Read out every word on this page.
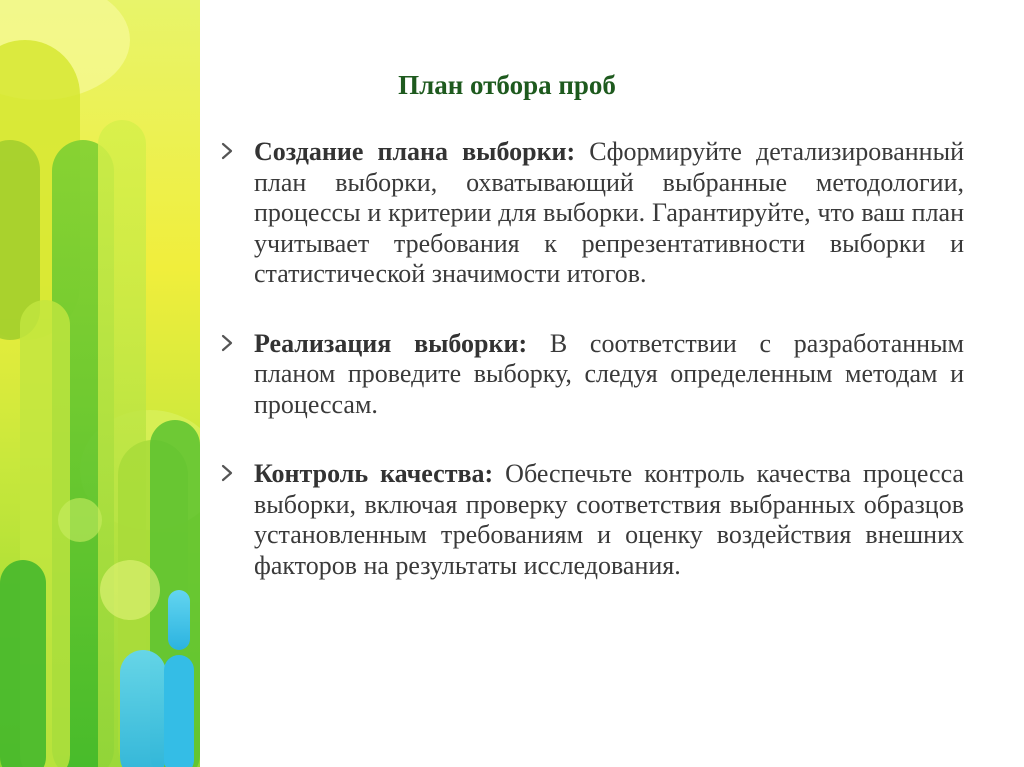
План отбора проб

Создание плана выборки: Сформируйте детализированный план выборки, охватывающий выбранные методологии, процессы и критерии для выборки. Гарантируйте, что ваш план учитывает требования к репрезентативности выборки и статистической значимости итогов.

Реализация выборки: В соответствии с разработанным планом проведите выборку, следуя определенным методам и процессам.

Контроль качества: Обеспечьте контроль качества процесса выборки, включая проверку соответствия выбранных образцов установленным требованиям и оценку воздействия внешних факторов на результаты исследования.
